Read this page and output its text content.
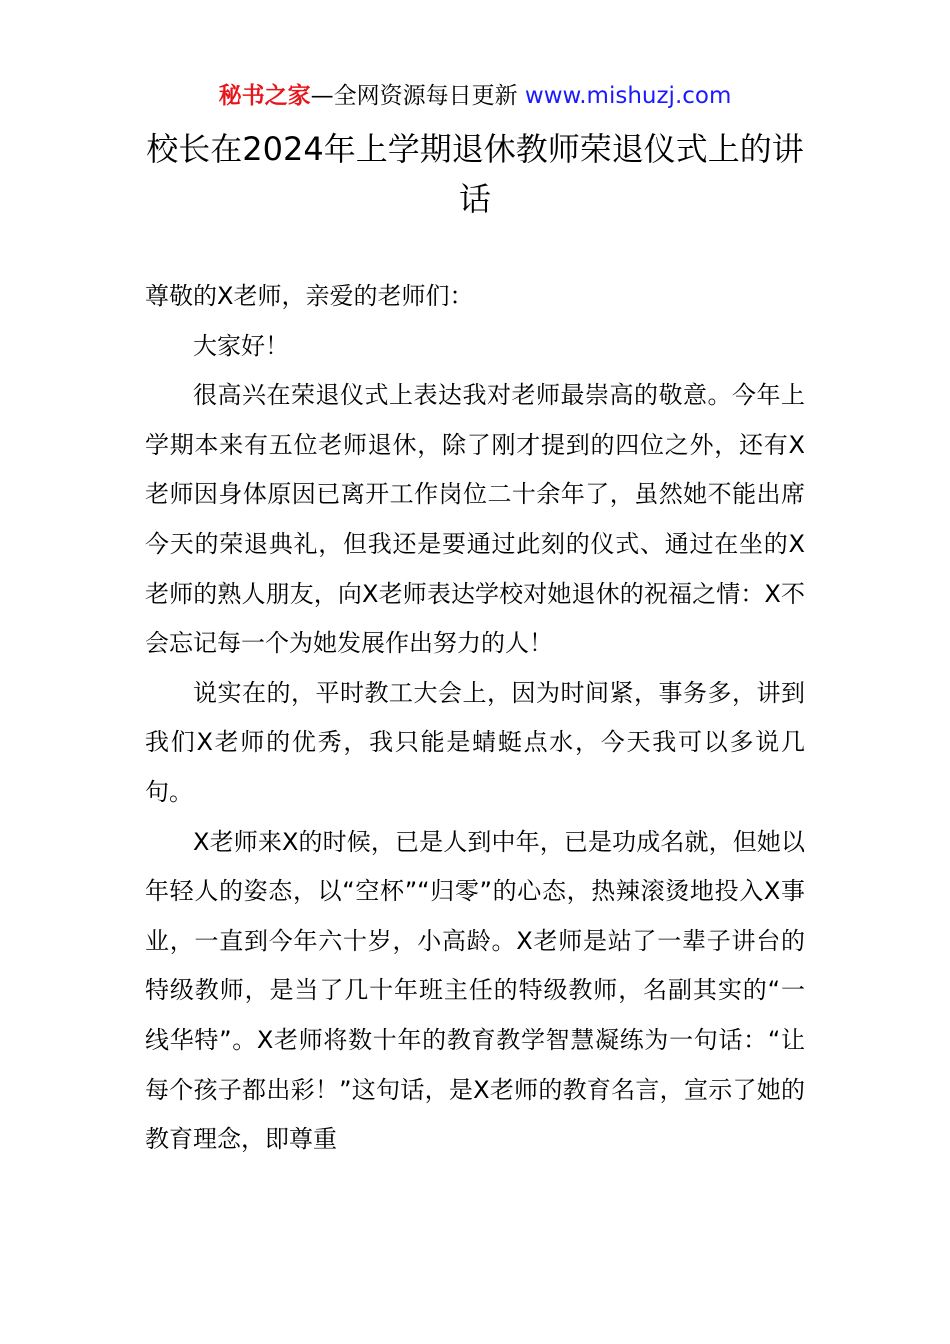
秘书之家—全网资源每日更新 www.mishuzj.com
校长在2024年上学期退休教师荣退仪式上的讲话

尊敬的X老师，亲爱的老师们：

大家好！

很高兴在荣退仪式上表达我对老师最崇高的敬意。今年上学期本来有五位老师退休，除了刚才提到的四位之外，还有X老师因身体原因已离开工作岗位二十余年了，虽然她不能出席今天的荣退典礼，但我还是要通过此刻的仪式、通过在坐的X老师的熟人朋友，向X老师表达学校对她退休的祝福之情：X不会忘记每一个为她发展作出努力的人！

说实在的，平时教工大会上，因为时间紧，事务多，讲到我们X老师的优秀，我只能是蜻蜓点水，今天我可以多说几句。

X老师来X的时候，已是人到中年，已是功成名就，但她以年轻人的姿态，以“空杯”“归零”的心态，热辣滚烫地投入X事业，一直到今年六十岁，小高龄。X老师是站了一辈子讲台的特级教师，是当了几十年班主任的特级教师，名副其实的“一线华特”。X老师将数十年的教育教学智慧凝练为一句话：“让每个孩子都出彩！”这句话，是X老师的教育名言，宣示了她的教育理念，即尊重
